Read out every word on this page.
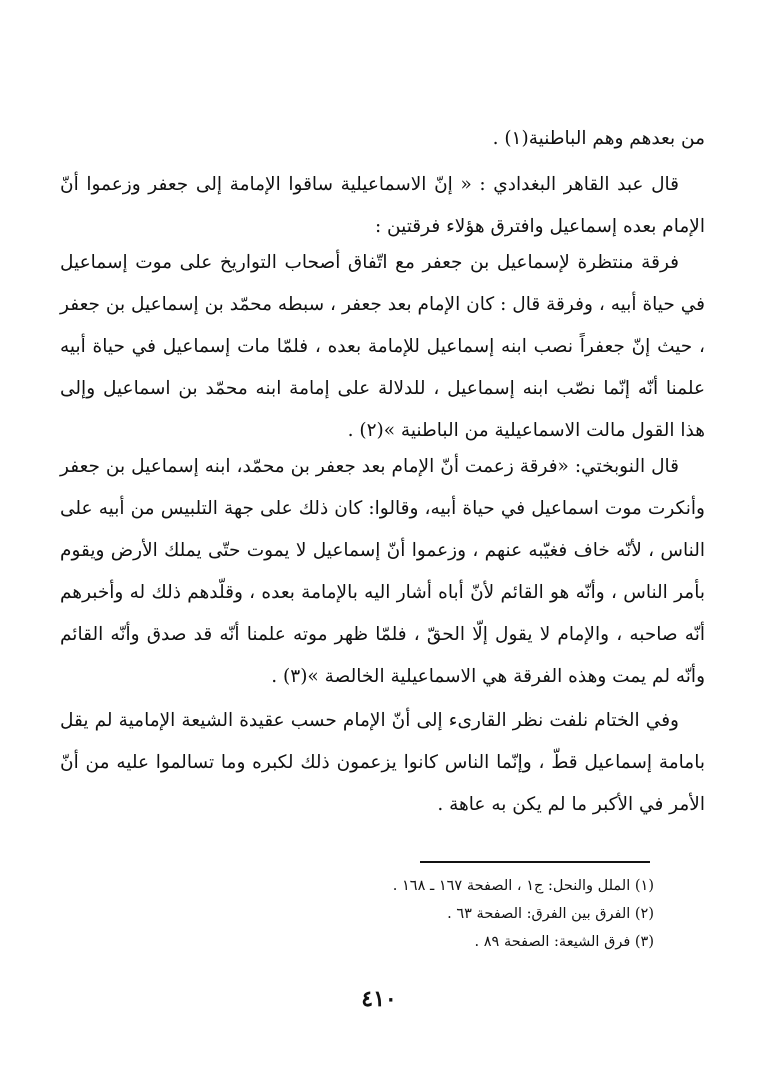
من بعدهم وهم الباطنية(١) .

قال عبد القاهر البغدادي : « إنّ الاسماعيلية ساقوا الإمامة إلى جعفر وزعموا أنّ الإمام بعده إسماعيل وافترق هؤلاء فرقتين :

فرقة منتظرة لإسماعيل بن جعفر مع اتّفاق أصحاب التواريخ على موت إسماعيل في حياة أبيه ، وفرقة قال : كان الإمام بعد جعفر ، سبطه محمّد بن إسماعيل بن جعفر ، حيث إنّ جعفراً نصب ابنه إسماعيل للإمامة بعده ، فلمّا مات إسماعيل في حياة أبيه علمنا أنّه إنّما نصّب ابنه إسماعيل ، للدلالة على إمامة ابنه محمّد بن اسماعيل وإلى هذا القول مالت الاسماعيلية من الباطنية »(٢) .

قال النوبختي: «فرقة زعمت أنّ الإمام بعد جعفر بن محمّد، ابنه إسماعيل بن جعفر وأنكرت موت اسماعيل في حياة أبيه، وقالوا: كان ذلك على جهة التلبيس من أبيه على الناس ، لأنّه خاف فغيّبه عنهم ، وزعموا أنّ إسماعيل لا يموت حتّى يملك الأرض ويقوم بأمر الناس ، وأنّه هو القائم لأنّ أباه أشار اليه بالإمامة بعده ، وقلّدهم ذلك له وأخبرهم أنّه صاحبه ، والإمام لا يقول إلّا الحقّ ، فلمّا ظهر موته علمنا أنّه قد صدق وأنّه القائم وأنّه لم يمت وهذه الفرقة هي الاسماعيلية الخالصة »(٣) .

وفي الختام نلفت نظر القارىء إلى أنّ الإمام حسب عقيدة الشيعة الإمامية لم يقل بامامة إسماعيل قطّ ، وإنّما الناس كانوا يزعمون ذلك لكبره وما تسالموا عليه من أنّ الأمر في الأكبر ما لم يكن به عاهة .

(١) الملل والنحل: ج١ ، الصفحة ١٦٧ ـ ١٦٨ .
(٢) الفرق بين الفرق: الصفحة ٦٣ .
(٣) فرق الشيعة: الصفحة ٨٩ .
٤١٠
